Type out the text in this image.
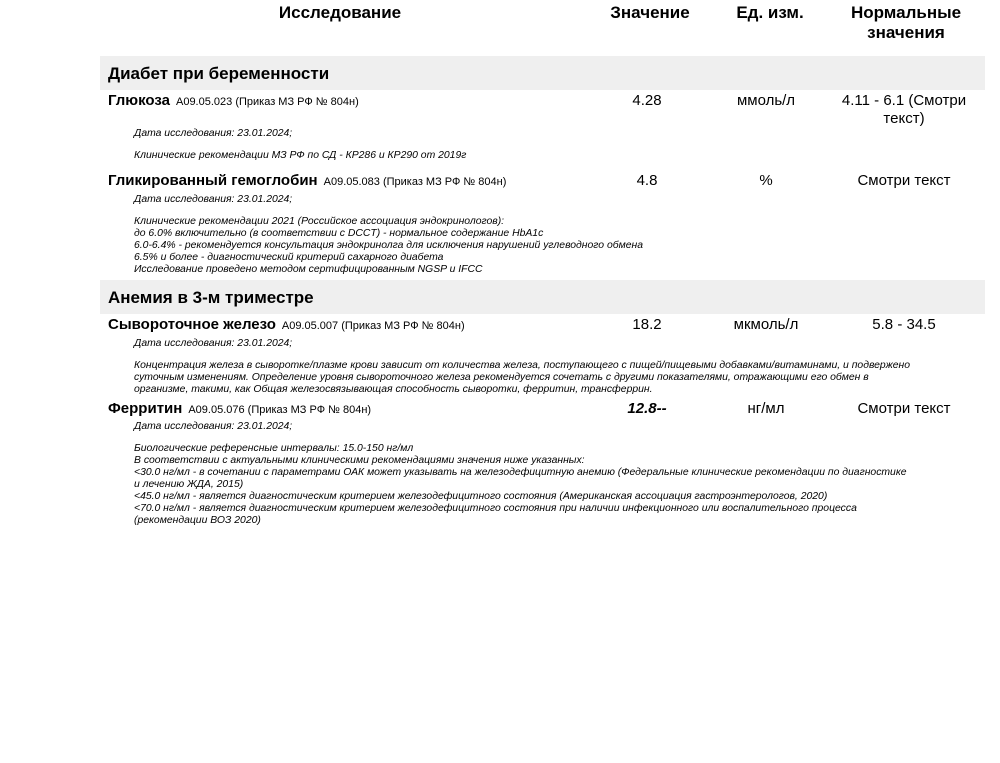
Исследование	Значение	Ед. изм.	Нормальные
значения
Диабет при беременности
Глюкоза A09.05.023 (Приказ МЗ РФ № 804н)	4.28	ммоль/л	4.11 - 6.1 (Смотри
текст)
Дата исследования: 23.01.2024;
Клинические рекомендации МЗ РФ по СД - КР286 и КР290 от 2019г
Гликированный гемоглобин A09.05.083 (Приказ МЗ РФ № 804н)	4.8	%	Смотри текст
Дата исследования: 23.01.2024;
Клинические рекомендации 2021 (Российское ассоциация эндокринологов):
до 6.0% включительно (в соответствии с DCCT) - нормальное содержание HbA1c
6.0-6.4% - рекомендуется консультация эндокринолга для исключения нарушений углеводного обмена
6.5% и более - диагностический критерий сахарного диабета
Исследование проведено методом сертифицированным NGSP и IFCC
Анемия в 3-м триместре
Сывороточное железо A09.05.007 (Приказ МЗ РФ № 804н)	18.2	мкмоль/л	5.8 - 34.5
Дата исследования: 23.01.2024;
Концентрация железа в сыворотке/плазме крови зависит от количества железа, поступающего с пищей/пищевыми добавками/витаминами, и подвержено
суточным изменениям. Определение уровня сывороточного железа рекомендуется сочетать с другими показателями, отражающими его обмен в
организме, такими, как Общая железосвязывающая способность сыворотки, ферритин, трансферрин.
Ферритин A09.05.076 (Приказ МЗ РФ № 804н)	12.8--	нг/мл	Смотри текст
Дата исследования: 23.01.2024;
Биологические референсные интервалы: 15.0-150 нг/мл
В соответствии с актуальными клиническими рекомендациями значения ниже указанных:
<30.0 нг/мл - в сочетании с параметрами ОАК может указывать на железодефицитную анемию (Федеральные клинические рекомендации по диагностике
и лечению ЖДА, 2015)
<45.0 нг/мл - является диагностическим критерием железодефицитного состояния (Американская ассоциация гастроэнтерологов, 2020)
<70.0 нг/мл - является диагностическим критерием железодефицитного состояния при наличии инфекционного или воспалительного процесса
(рекомендации ВОЗ 2020)
